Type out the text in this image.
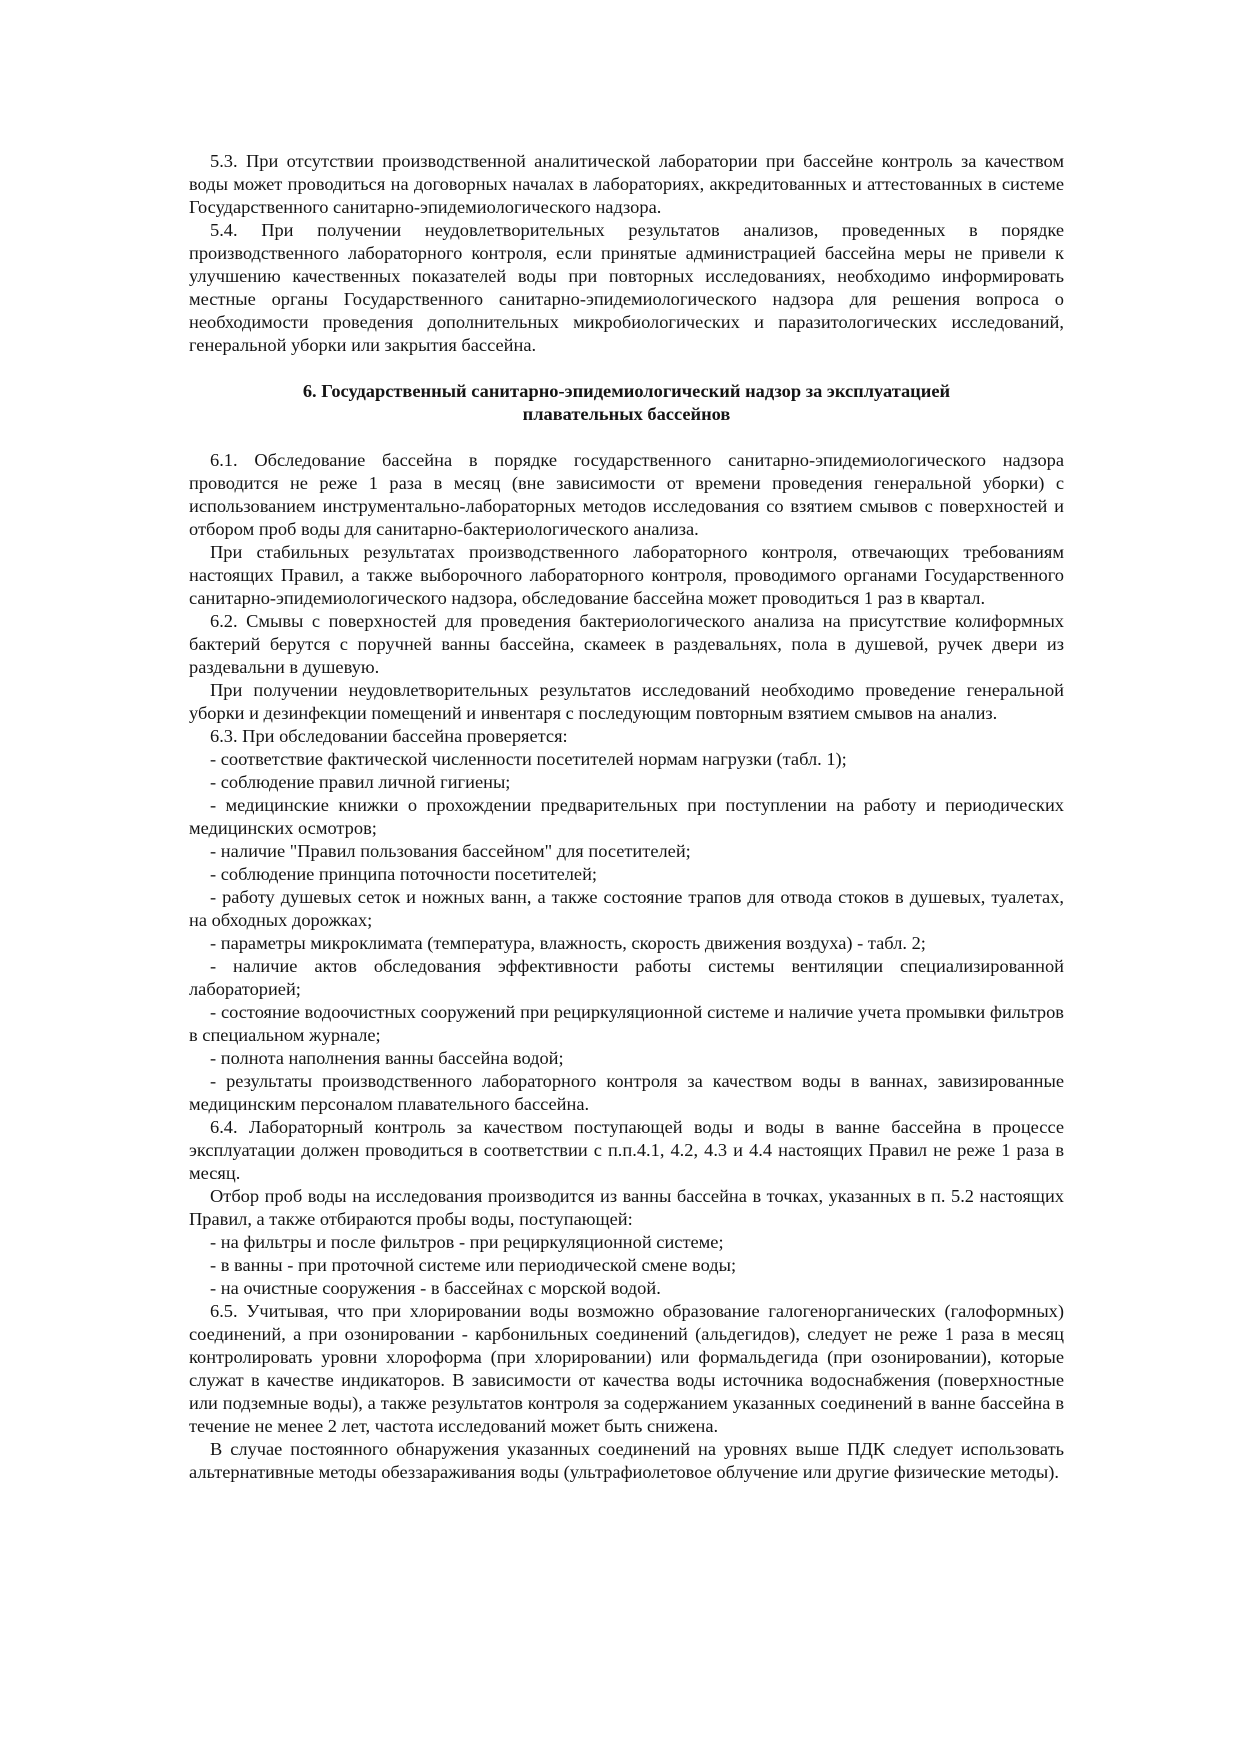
5.3. При отсутствии производственной аналитической лаборатории при бассейне контроль за качеством воды может проводиться на договорных началах в лабораториях, аккредитованных и аттестованных в системе Государственного санитарно-эпидемиологического надзора.

5.4. При получении неудовлетворительных результатов анализов, проведенных в порядке производственного лабораторного контроля, если принятые администрацией бассейна меры не привели к улучшению качественных показателей воды при повторных исследованиях, необходимо информировать местные органы Государственного санитарно-эпидемиологического надзора для решения вопроса о необходимости проведения дополнительных микробиологических и паразитологических исследований, генеральной уборки или закрытия бассейна.

6. Государственный санитарно-эпидемиологический надзор за эксплуатацией
плавательных бассейнов

6.1. Обследование бассейна в порядке государственного санитарно-эпидемиологического надзора проводится не реже 1 раза в месяц (вне зависимости от времени проведения генеральной уборки) с использованием инструментально-лабораторных методов исследования со взятием смывов с поверхностей и отбором проб воды для санитарно-бактериологического анализа.

При стабильных результатах производственного лабораторного контроля, отвечающих требованиям настоящих Правил, а также выборочного лабораторного контроля, проводимого органами Государственного санитарно-эпидемиологического надзора, обследование бассейна может проводиться 1 раз в квартал.

6.2. Смывы с поверхностей для проведения бактериологического анализа на присутствие колиформных бактерий берутся с поручней ванны бассейна, скамеек в раздевальнях, пола в душевой, ручек двери из раздевальни в душевую.

При получении неудовлетворительных результатов исследований необходимо проведение генеральной уборки и дезинфекции помещений и инвентаря с последующим повторным взятием смывов на анализ.

6.3. При обследовании бассейна проверяется:

- соответствие фактической численности посетителей нормам нагрузки (табл. 1);

- соблюдение правил личной гигиены;

- медицинские книжки о прохождении предварительных при поступлении на работу и периодических медицинских осмотров;

- наличие "Правил пользования бассейном" для посетителей;

- соблюдение принципа поточности посетителей;

- работу душевых сеток и ножных ванн, а также состояние трапов для отвода стоков в душевых, туалетах, на обходных дорожках;

- параметры микроклимата (температура, влажность, скорость движения воздуха) - табл. 2;

- наличие актов обследования эффективности работы системы вентиляции специализированной лабораторией;

- состояние водоочистных сооружений при рециркуляционной системе и наличие учета промывки фильтров в специальном журнале;

- полнота наполнения ванны бассейна водой;

- результаты производственного лабораторного контроля за качеством воды в ваннах, завизированные медицинским персоналом плавательного бассейна.

6.4. Лабораторный контроль за качеством поступающей воды и воды в ванне бассейна в процессе эксплуатации должен проводиться в соответствии с п.п.4.1, 4.2, 4.3 и 4.4 настоящих Правил не реже 1 раза в месяц.

Отбор проб воды на исследования производится из ванны бассейна в точках, указанных в п. 5.2 настоящих Правил, а также отбираются пробы воды, поступающей:

- на фильтры и после фильтров - при рециркуляционной системе;

- в ванны - при проточной системе или периодической смене воды;

- на очистные сооружения - в бассейнах с морской водой.

6.5. Учитывая, что при хлорировании воды возможно образование галогенорганических (галоформных) соединений, а при озонировании - карбонильных соединений (альдегидов), следует не реже 1 раза в месяц контролировать уровни хлороформа (при хлорировании) или формальдегида (при озонировании), которые служат в качестве индикаторов. В зависимости от качества воды источника водоснабжения (поверхностные или подземные воды), а также результатов контроля за содержанием указанных соединений в ванне бассейна в течение не менее 2 лет, частота исследований может быть снижена.

В случае постоянного обнаружения указанных соединений на уровнях выше ПДК следует использовать альтернативные методы обеззараживания воды (ультрафиолетовое облучение или другие физические методы).
